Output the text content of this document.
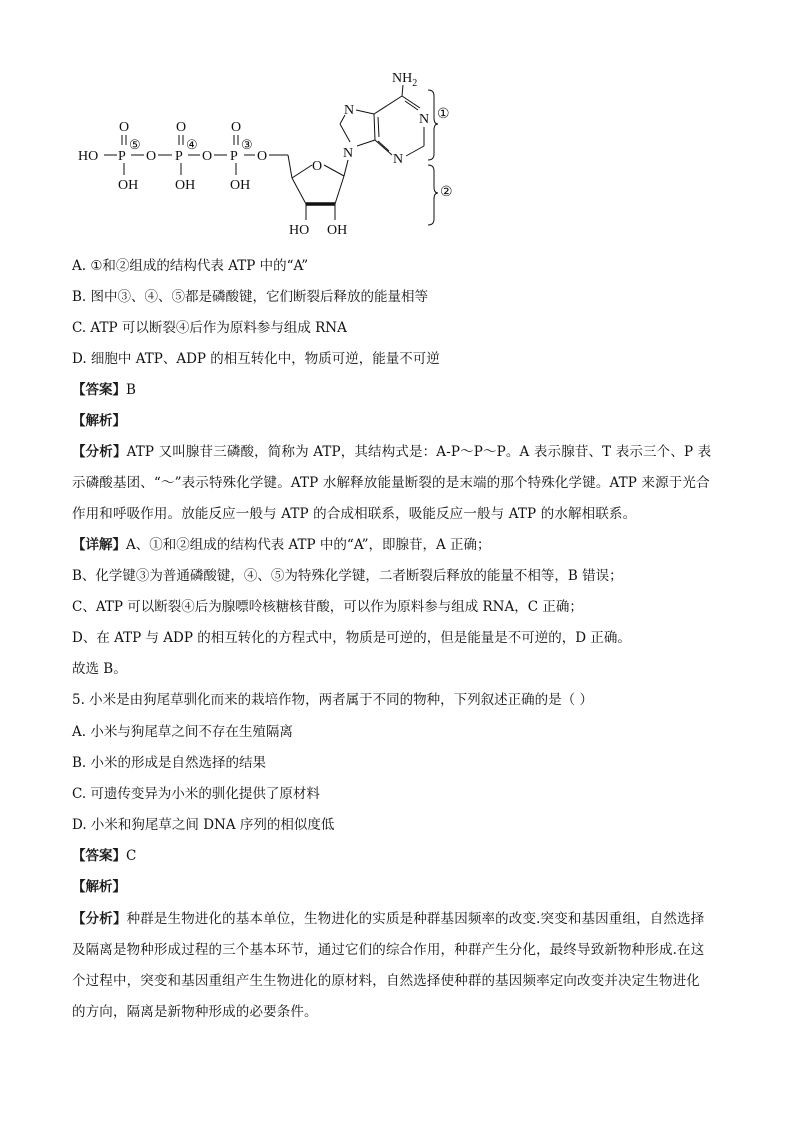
HO
O
P
⑤
OH
O
O
P
④
OH
O
O
P
③
OH
O
O
HO OH
N
N
$NH_2$
N
N
①
②
A. ①和②组成的结构代表 ATP 中的“A”
B. 图中③、④、⑤都是磷酸键，它们断裂后释放的能量相等
C. ATP 可以断裂④后作为原料参与组成 RNA
D. 细胞中 ATP、ADP 的相互转化中，物质可逆，能量不可逆
【答案】B
【解析】
【分析】ATP 又叫腺苷三磷酸，简称为 ATP，其结构式是：A-P～P～P。A 表示腺苷、T 表示三个、P 表
示磷酸基团、“～”表示特殊化学键。ATP 水解释放能量断裂的是末端的那个特殊化学键。ATP 来源于光合
作用和呼吸作用。放能反应一般与 ATP 的合成相联系，吸能反应一般与 ATP 的水解相联系。
【详解】A、①和②组成的结构代表 ATP 中的“A”，即腺苷，A 正确；
B、化学键③为普通磷酸键，④、⑤为特殊化学键，二者断裂后释放的能量不相等，B 错误；
C、ATP 可以断裂④后为腺嘌呤核糖核苷酸，可以作为原料参与组成 RNA，C 正确；
D、在 ATP 与 ADP 的相互转化的方程式中，物质是可逆的，但是能量是不可逆的，D 正确。
故选 B。
5. 小米是由狗尾草驯化而来的栽培作物，两者属于不同的物种，下列叙述正确的是（ ）
A. 小米与狗尾草之间不存在生殖隔离
B. 小米的形成是自然选择的结果
C. 可遗传变异为小米的驯化提供了原材料
D. 小米和狗尾草之间 DNA 序列的相似度低
【答案】C
【解析】
【分析】种群是生物进化的基本单位，生物进化的实质是种群基因频率的改变.突变和基因重组，自然选择
及隔离是物种形成过程的三个基本环节，通过它们的综合作用，种群产生分化，最终导致新物种形成.在这
个过程中，突变和基因重组产生生物进化的原材料，自然选择使种群的基因频率定向改变并决定生物进化
的方向，隔离是新物种形成的必要条件。
